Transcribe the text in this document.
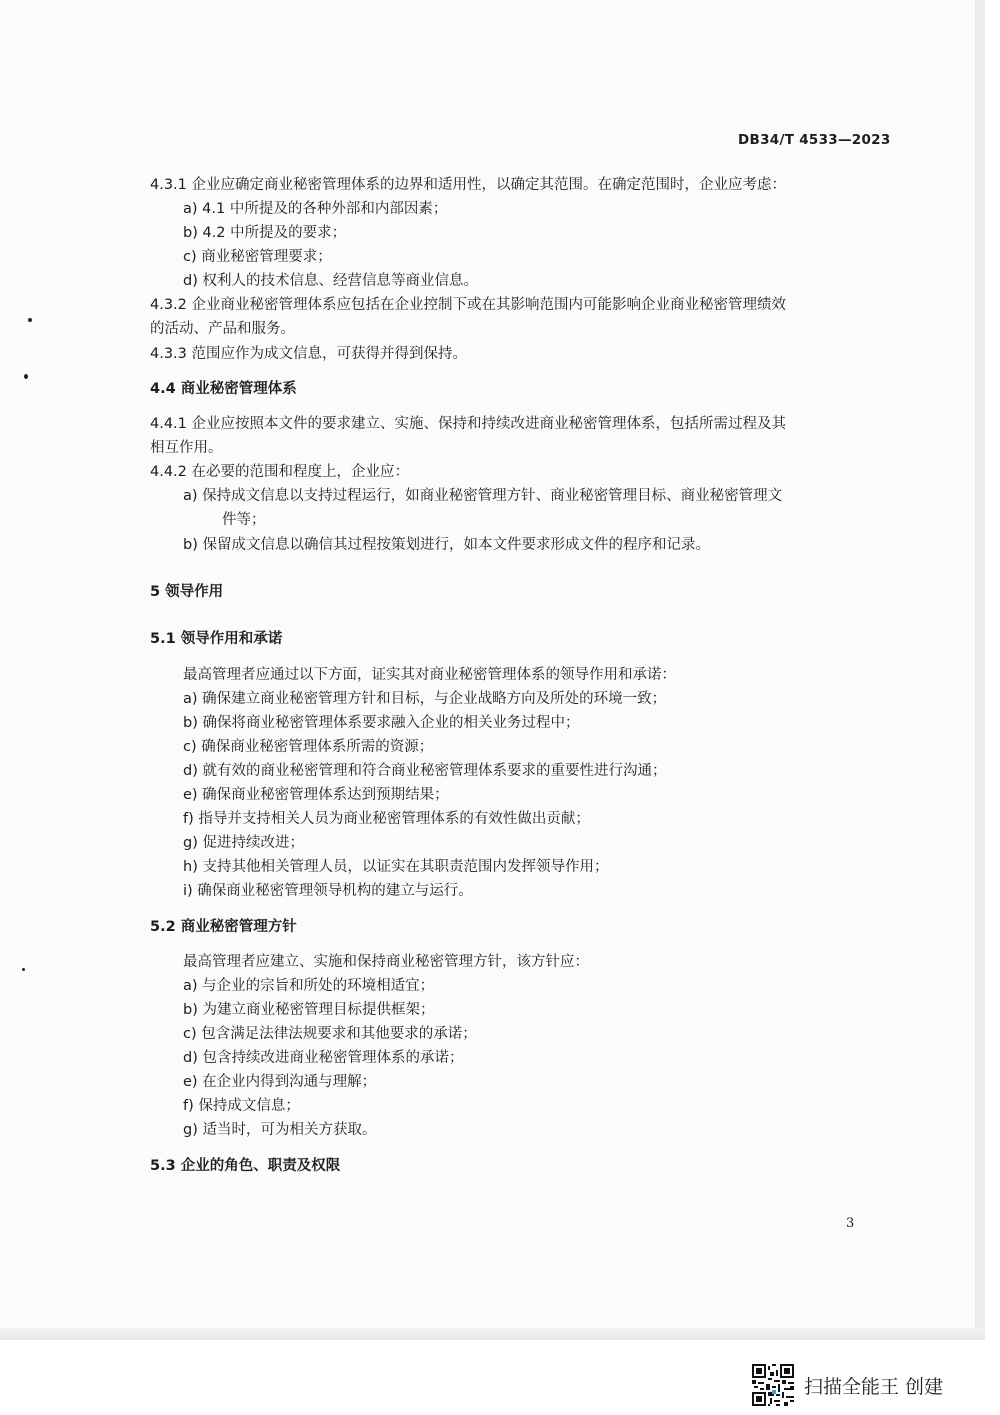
DB34/T 4533—2023
4.3.1 企业应确定商业秘密管理体系的边界和适用性，以确定其范围。在确定范围时，企业应考虑：
a) 4.1 中所提及的各种外部和内部因素；
b) 4.2 中所提及的要求；
c) 商业秘密管理要求；
d) 权利人的技术信息、经营信息等商业信息。
4.3.2 企业商业秘密管理体系应包括在企业控制下或在其影响范围内可能影响企业商业秘密管理绩效
的活动、产品和服务。
4.3.3 范围应作为成文信息，可获得并得到保持。
4.4 商业秘密管理体系
4.4.1 企业应按照本文件的要求建立、实施、保持和持续改进商业秘密管理体系，包括所需过程及其
相互作用。
4.4.2 在必要的范围和程度上，企业应：
a) 保持成文信息以支持过程运行，如商业秘密管理方针、商业秘密管理目标、商业秘密管理文
件等；
b) 保留成文信息以确信其过程按策划进行，如本文件要求形成文件的程序和记录。
5 领导作用
5.1 领导作用和承诺
最高管理者应通过以下方面，证实其对商业秘密管理体系的领导作用和承诺：
a) 确保建立商业秘密管理方针和目标，与企业战略方向及所处的环境一致；
b) 确保将商业秘密管理体系要求融入企业的相关业务过程中；
c) 确保商业秘密管理体系所需的资源；
d) 就有效的商业秘密管理和符合商业秘密管理体系要求的重要性进行沟通；
e) 确保商业秘密管理体系达到预期结果；
f) 指导并支持相关人员为商业秘密管理体系的有效性做出贡献；
g) 促进持续改进；
h) 支持其他相关管理人员，以证实在其职责范围内发挥领导作用；
i) 确保商业秘密管理领导机构的建立与运行。
5.2 商业秘密管理方针
最高管理者应建立、实施和保持商业秘密管理方针，该方针应：
a) 与企业的宗旨和所处的环境相适宜；
b) 为建立商业秘密管理目标提供框架；
c) 包含满足法律法规要求和其他要求的承诺；
d) 包含持续改进商业秘密管理体系的承诺；
e) 在企业内得到沟通与理解；
f) 保持成文信息；
g) 适当时，可为相关方获取。
5.3 企业的角色、职责及权限
3
扫描全能王 创建
